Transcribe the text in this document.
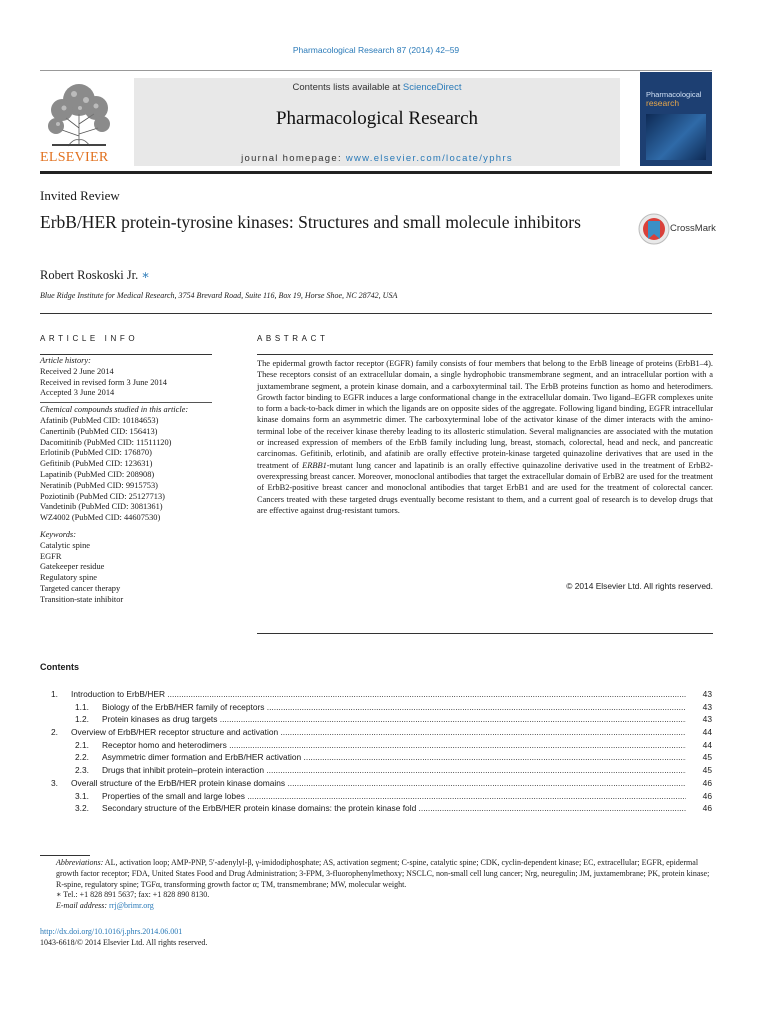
Pharmacological Research 87 (2014) 42–59
ELSEVIER
Contents lists available at ScienceDirect
Pharmacological Research
journal homepage: www.elsevier.com/locate/yphrs
Pharmacological
research
Invited Review
ErbB/HER protein-tyrosine kinases: Structures and small molecule inhibitors	CrossMark
Robert Roskoski Jr. ∗
Blue Ridge Institute for Medical Research, 3754 Brevard Road, Suite 116, Box 19, Horse Shoe, NC 28742, USA
ARTICLE INFO	ABSTRACT
Article history:
Received 2 June 2014
Received in revised form 3 June 2014
Accepted 3 June 2014
Chemical compounds studied in this article:
Afatinib (PubMed CID: 10184653)
Canertinib (PubMed CID: 156413)
Dacomitinib (PubMed CID: 11511120)
Erlotinib (PubMed CID: 176870)
Gefitinib (PubMed CID: 123631)
Lapatinib (PubMed CID: 208908)
Neratinib (PubMed CID: 9915753)
Poziotinib (PubMed CID: 25127713)
Vandetinib (PubMed CID: 3081361)
WZ4002 (PubMed CID: 44607530)
Keywords:
Catalytic spine
EGFR
Gatekeeper residue
Regulatory spine
Targeted cancer therapy
Transition-state inhibitor
The epidermal growth factor receptor (EGFR) family consists of four members that belong to the ErbB lineage of proteins (ErbB1–4). These receptors consist of an extracellular domain, a single hydrophobic transmembrane segment, and an intracellular portion with a juxtamembrane segment, a protein kinase domain, and a carboxyterminal tail. The ErbB proteins function as homo and heterodimers. Growth factor binding to EGFR induces a large conformational change in the extracellular domain. Two ligand–EGFR complexes unite to form a back-to-back dimer in which the ligands are on opposite sides of the aggregate. Following ligand binding, EGFR intracellular kinase domains form an asymmetric dimer. The carboxyterminal lobe of the activator kinase of the dimer interacts with the amino-terminal lobe of the receiver kinase thereby leading to its allosteric stimulation. Several malignancies are associated with the mutation or increased expression of members of the ErbB family including lung, breast, stomach, colorectal, head and neck, and pancreatic carcinomas. Gefitinib, erlotinib, and afatinib are orally effective protein-kinase targeted quinazoline derivatives that are used in the treatment of ERBB1-mutant lung cancer and lapatinib is an orally effective quinazoline derivative used in the treatment of ErbB2-overexpressing breast cancer. Moreover, monoclonal antibodies that target the extracellular domain of ErbB2 are used for the treatment of ErbB2-positive breast cancer and monoclonal antibodies that target ErbB1 and are used for the treatment of colorectal cancer. Cancers treated with these targeted drugs eventually become resistant to them, and a current goal of research is to develop drugs that are effective against drug-resistant tumors.
© 2014 Elsevier Ltd. All rights reserved.
Contents
1. Introduction to ErbB/HER .....	43
1.1. Biology of the ErbB/HER family of receptors .....	43
1.2. Protein kinases as drug targets .....	43
2. Overview of ErbB/HER receptor structure and activation .....	44
2.1. Receptor homo and heterodimers .....	44
2.2. Asymmetric dimer formation and ErbB/HER activation .....	45
2.3. Drugs that inhibit protein–protein interaction .....	45
3. Overall structure of the ErbB/HER protein kinase domains .....	46
3.1. Properties of the small and large lobes .....	46
3.2. Secondary structure of the ErbB/HER protein kinase domains: the protein kinase fold .....	46
Abbreviations: AL, activation loop; AMP-PNP, 5′-adenylyl-β, γ-imidodiphosphate; AS, activation segment; C-spine, catalytic spine; CDK, cyclin-dependent kinase; EC, extracellular; EGFR, epidermal growth factor receptor; FDA, United States Food and Drug Administration; 3-FPM, 3-fluorophenylmethoxy; NSCLC, non-small cell lung cancer; Nrg, neuregulin; JM, juxtamembrane; PK, protein kinase; R-spine, regulatory spine; TGFα, transforming growth factor α; TM, transmembrane; MW, molecular weight.
∗ Tel.: +1 828 891 5637; fax: +1 828 890 8130.
E-mail address: rrj@brimr.org
http://dx.doi.org/10.1016/j.phrs.2014.06.001
1043-6618/© 2014 Elsevier Ltd. All rights reserved.
